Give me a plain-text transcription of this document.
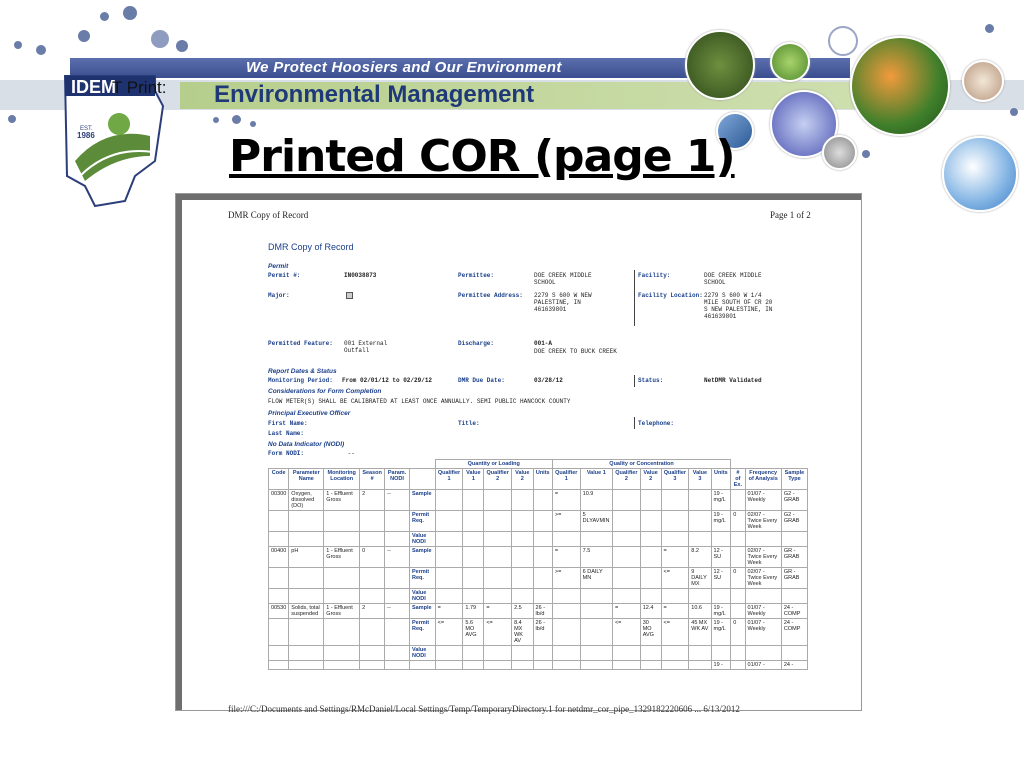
We Protect Hoosiers and Our Environment
Environmental Management
IDEM
EST.
1986
T Print:
Printed COR (page 1)
DMR Copy of Record	Page 1 of 2
DMR Copy of Record
Permit
Permit #:	IN0038873	Permittee:	DOE CREEK MIDDLE SCHOOL
Facility:	DOE CREEK MIDDLE SCHOOL
Major:	Permittee Address: 2279 S 600 W NEW PALESTINE, IN 461639801
Facility Location: 2279 S 600 W 1/4 MILE SOUTH OF CR 20 S NEW PALESTINE, IN 461639801
Permitted Feature: 001 External Outfall
Discharge:	001-A
DOE CREEK TO BUCK CREEK
Report Dates & Status
Monitoring Period: From 02/01/12 to 02/29/12	DMR Due Date:	03/28/12	Status:	NetDMR Validated
Considerations for Form Completion
FLOW METER(S) SHALL BE CALIBRATED AT LEAST ONCE ANNUALLY. SEMI PUBLIC HANCOCK COUNTY
Principal Executive Officer
First Name:	Title:	Telephone:
Last Name:
No Data Indicator (NODI)
Form NODI:	--
						Quantity or Loading					Quality or Concentration									
Code	Parameter Name	Monitoring Location	Season #	Param. NODI		Qualifier 1	Value 1	Qualifier 2	Value 2	Units	Qualifier 1	Value 1	Qualifier 2	Value 2	Qualifier 3	Value 3	Units	# of Ex.	Frequency of Analysis	Sample Type
00300	Oxygen, dissolved (DO)	1 - Effluent Gross	2	--	Sample						=	10.9					19 - mg/L		01/07 - Weekly	G2 - GRAB
					Permit Req.						>=	5 DLYAVMIN					19 - mg/L	0	02/07 - Twice Every Week	G2 - GRAB
					Value NODI															
00400	pH	1 - Effluent Gross	0	--	Sample						=	7.5			=	8.2	12 - SU		02/07 - Twice Every Week	GR - GRAB
					Permit Req.						>=	6 DAILY MN			<=	9 DAILY MX	12 - SU	0	02/07 - Twice Every Week	GR - GRAB
					Value NODI															
00530	Solids, total suspended	1 - Effluent Gross	2	--	Sample	=	1.79	=	2.5	26 - lb/d			=	12.4	=	10.6	19 - mg/L		01/07 - Weekly	24 - COMP
					Permit Req.	<=	5.6 MO AVG	<=	8.4 MX WK AV	26 - lb/d			<=	30 MO AVG	<=	45 MX WK AV	19 - mg/L	0	01/07 - Weekly	24 - COMP
					Value NODI															
																	19 -		01/07 -	24 -
file:///C:/Documents and Settings/RMcDaniel/Local Settings/Temp/TemporaryDirectory.1 for netdmr_cor_pipe_1329182220606 ... 6/13/2012
